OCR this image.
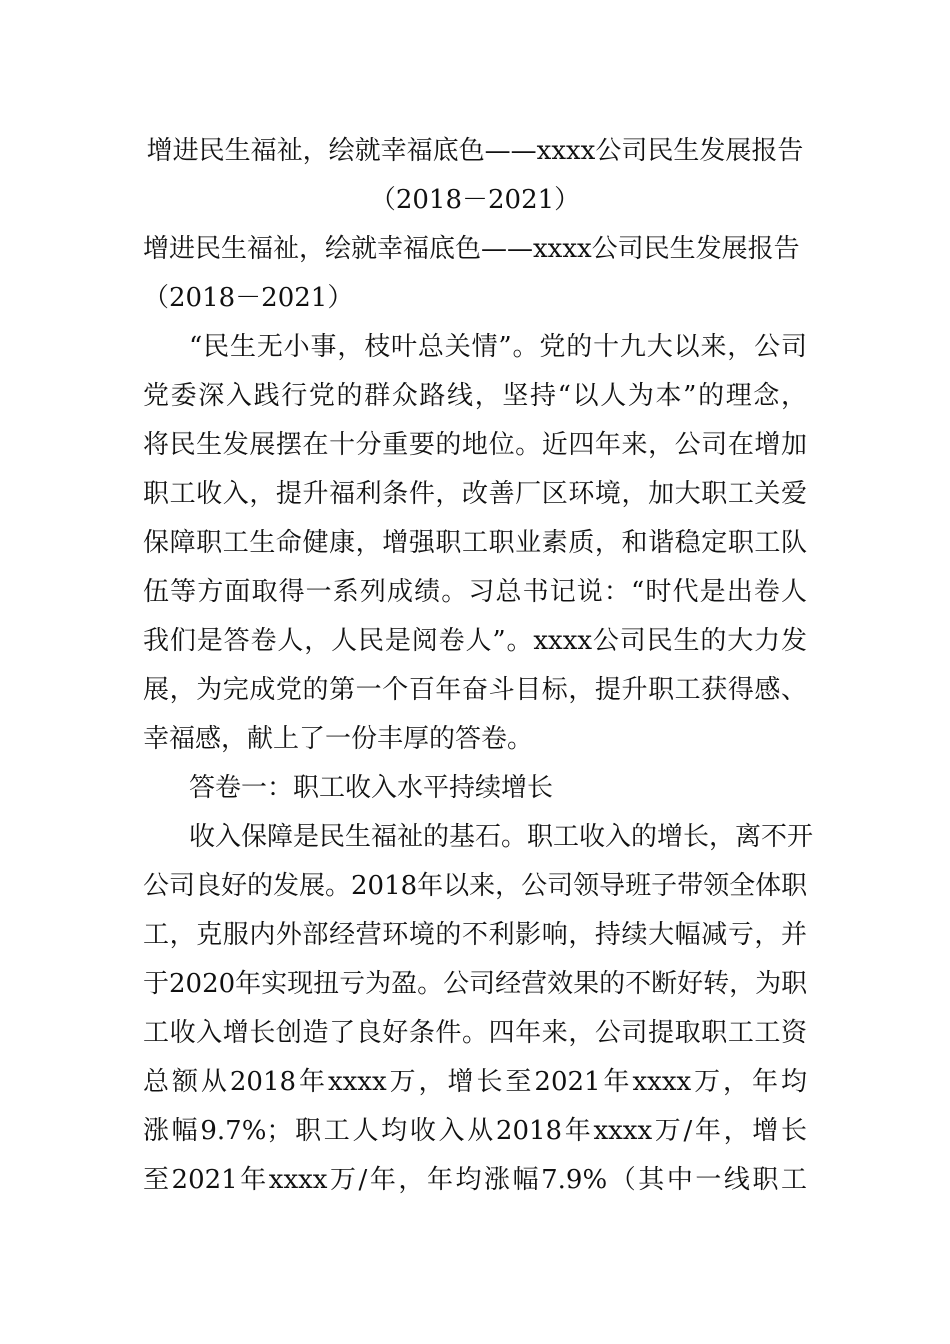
增进民生福祉，绘就幸福底色——xxxx公司民生发展报告
（2018－2021）
增进民生福祉，绘就幸福底色——xxxx公司民生发展报告
（2018－2021）
“民生无小事，枝叶总关情”。党的十九大以来，公司
党委深入践行党的群众路线，坚持“以人为本”的理念，
将民生发展摆在十分重要的地位。近四年来，公司在增加
职工收入，提升福利条件，改善厂区环境，加大职工关爱
保障职工生命健康，增强职工职业素质，和谐稳定职工队
伍等方面取得一系列成绩。习总书记说：“时代是出卷人
我们是答卷人，人民是阅卷人”。xxxx公司民生的大力发
展，为完成党的第一个百年奋斗目标，提升职工获得感、
幸福感，献上了一份丰厚的答卷。
答卷一：职工收入水平持续增长
收入保障是民生福祉的基石。职工收入的增长，离不开
公司良好的发展。2018年以来，公司领导班子带领全体职
工，克服内外部经营环境的不利影响，持续大幅减亏，并
于2020年实现扭亏为盈。公司经营效果的不断好转，为职
工收入增长创造了良好条件。四年来，公司提取职工工资
总额从2018年xxxx万，增长至2021年xxxx万，年均
涨幅9.7%；职工人均收入从2018年xxxx万/年，增长
至2021年xxxx万/年，年均涨幅7.9%（其中一线职工
